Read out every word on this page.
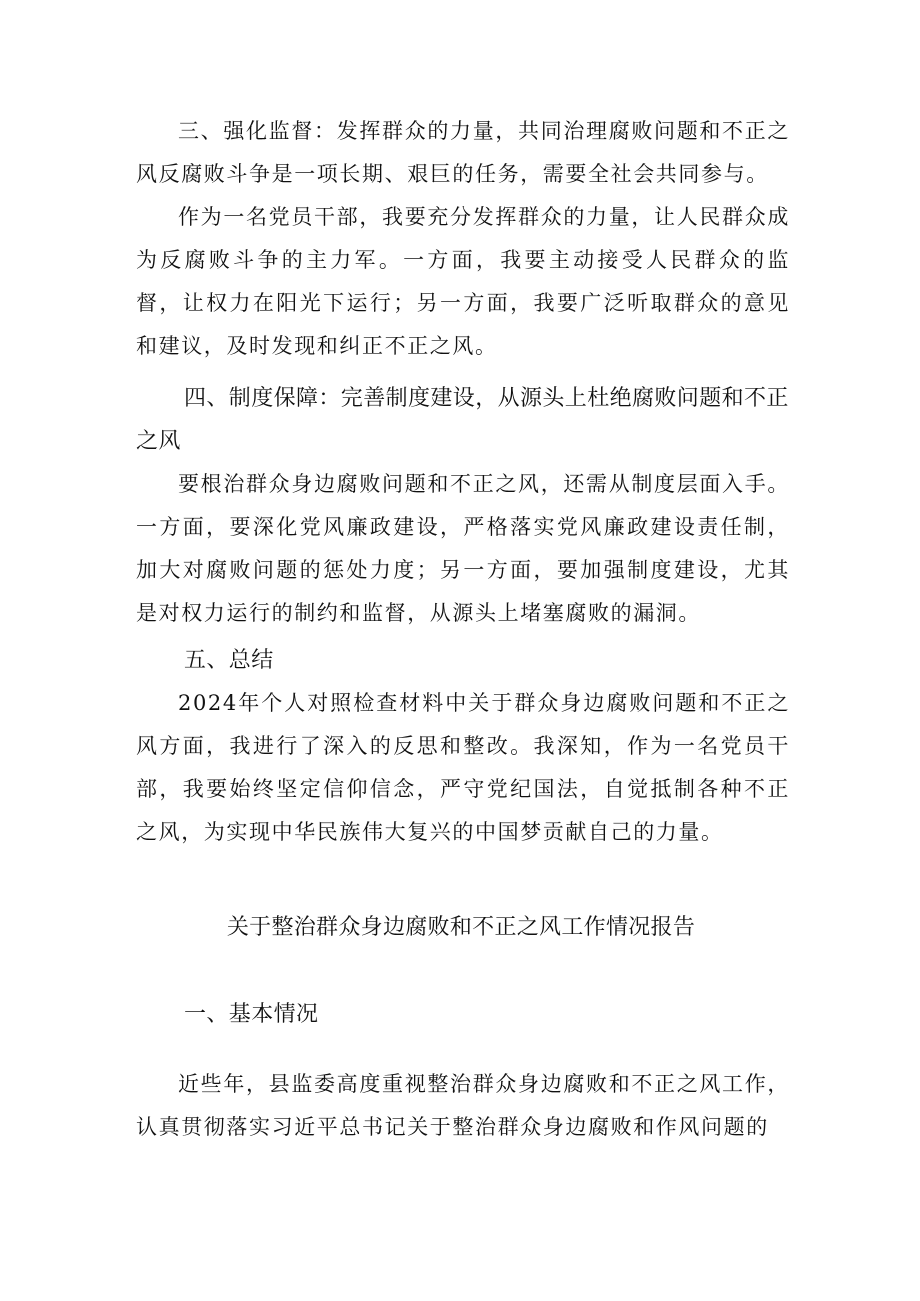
三、强化监督：发挥群众的力量，共同治理腐败问题和不正之风反腐败斗争是一项长期、艰巨的任务，需要全社会共同参与。

作为一名党员干部，我要充分发挥群众的力量，让人民群众成为反腐败斗争的主力军。一方面，我要主动接受人民群众的监督，让权力在阳光下运行；另一方面，我要广泛听取群众的意见和建议，及时发现和纠正不正之风。

四、制度保障：完善制度建设，从源头上杜绝腐败问题和不正之风

要根治群众身边腐败问题和不正之风，还需从制度层面入手。一方面，要深化党风廉政建设，严格落实党风廉政建设责任制，加大对腐败问题的惩处力度；另一方面，要加强制度建设，尤其是对权力运行的制约和监督，从源头上堵塞腐败的漏洞。

五、总结

2024年个人对照检查材料中关于群众身边腐败问题和不正之风方面，我进行了深入的反思和整改。我深知，作为一名党员干部，我要始终坚定信仰信念，严守党纪国法，自觉抵制各种不正之风，为实现中华民族伟大复兴的中国梦贡献自己的力量。

关于整治群众身边腐败和不正之风工作情况报告

一、基本情况

近些年，县监委高度重视整治群众身边腐败和不正之风工作，认真贯彻落实习近平总书记关于整治群众身边腐败和作风问题的
